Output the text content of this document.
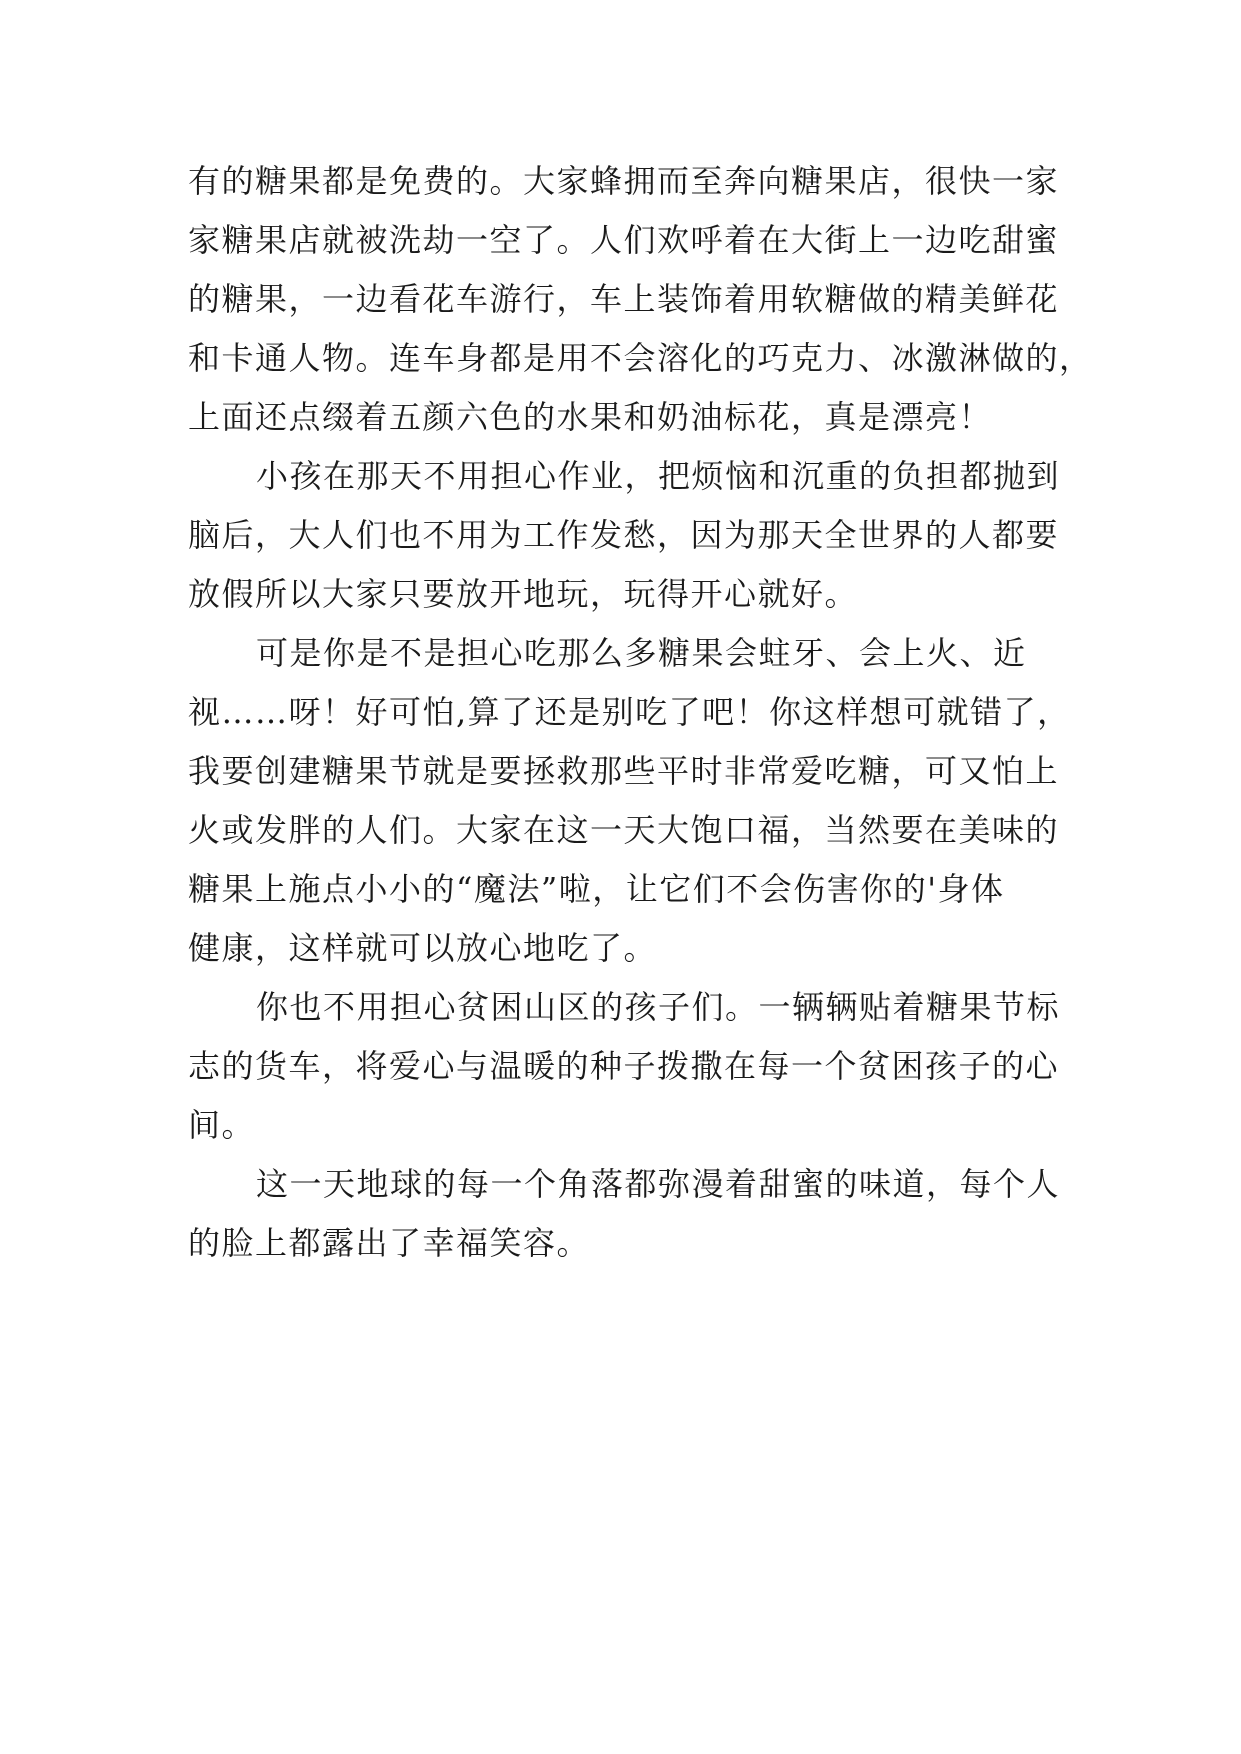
有的糖果都是免费的。大家蜂拥而至奔向糖果店，很快一家
家糖果店就被洗劫一空了。人们欢呼着在大街上一边吃甜蜜
的糖果，一边看花车游行，车上装饰着用软糖做的精美鲜花
和卡通人物。连车身都是用不会溶化的巧克力、冰激淋做的，
上面还点缀着五颜六色的水果和奶油标花，真是漂亮！
小孩在那天不用担心作业，把烦恼和沉重的负担都抛到
脑后，大人们也不用为工作发愁，因为那天全世界的人都要
放假所以大家只要放开地玩，玩得开心就好。
可是你是不是担心吃那么多糖果会蛀牙、会上火、近
视……呀！好可怕,算了还是别吃了吧！你这样想可就错了，
我要创建糖果节就是要拯救那些平时非常爱吃糖，可又怕上
火或发胖的人们。大家在这一天大饱口福，当然要在美味的
糖果上施点小小的“魔法”啦，让它们不会伤害你的'身体
健康，这样就可以放心地吃了。
你也不用担心贫困山区的孩子们。一辆辆贴着糖果节标
志的货车，将爱心与温暖的种子拨撒在每一个贫困孩子的心
间。
这一天地球的每一个角落都弥漫着甜蜜的味道，每个人
的脸上都露出了幸福笑容。
